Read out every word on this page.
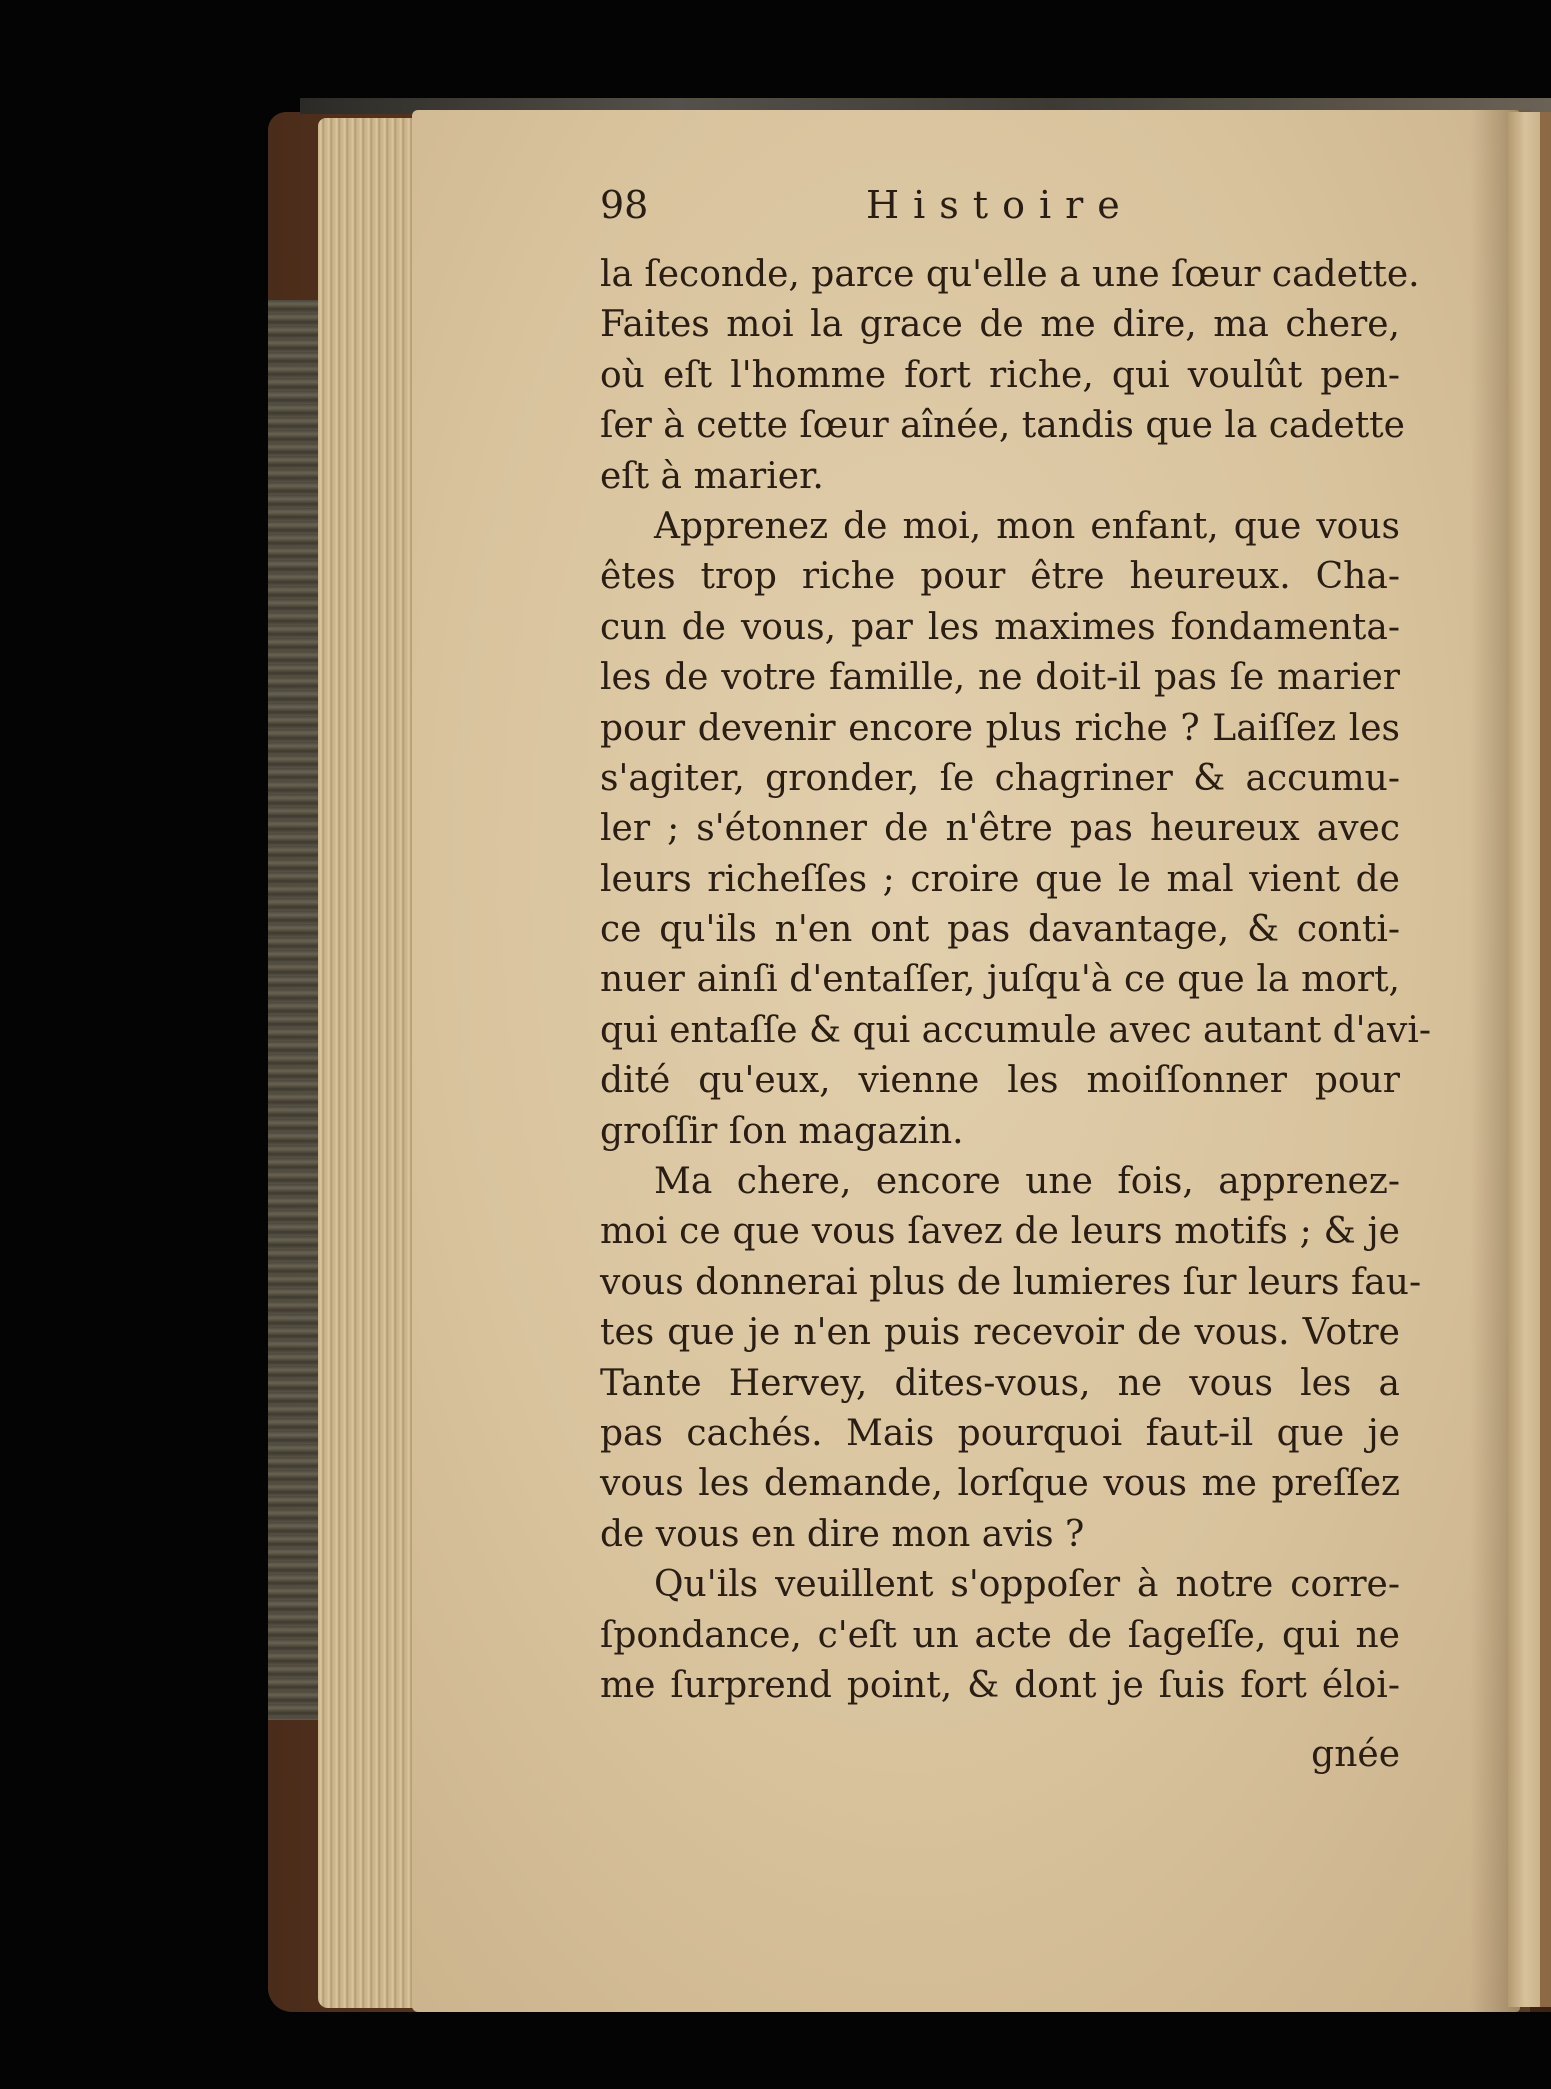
98	Histoire
la ſeconde, parce qu'elle a une ſœur cadette.
Faites moi la grace de me dire, ma chere,
où eſt l'homme fort riche, qui voulût pen-
ſer à cette ſœur aînée, tandis que la cadette
eſt à marier.
Apprenez de moi, mon enfant, que vous
êtes trop riche pour être heureux. Cha-
cun de vous, par les maximes fondamenta-
les de votre famille, ne doit-il pas ſe marier
pour devenir encore plus riche ? Laiſſez les
s'agiter, gronder, ſe chagriner & accumu-
ler ; s'étonner de n'être pas heureux avec
leurs richeſſes ; croire que le mal vient de
ce qu'ils n'en ont pas davantage, & conti-
nuer ainſi d'entaſſer, juſqu'à ce que la mort,
qui entaſſe & qui accumule avec autant d'avi-
dité qu'eux, vienne les moiſſonner pour
groſſir ſon magazin.
Ma chere, encore une fois, apprenez-
moi ce que vous ſavez de leurs motifs ; & je
vous donnerai plus de lumieres ſur leurs fau-
tes que je n'en puis recevoir de vous. Votre
Tante Hervey, dites-vous, ne vous les a
pas cachés. Mais pourquoi faut-il que je
vous les demande, lorſque vous me preſſez
de vous en dire mon avis ?
Qu'ils veuillent s'oppoſer à notre corre-
ſpondance, c'eſt un acte de ſageſſe, qui ne
me ſurprend point, & dont je ſuis fort éloi-
gnée
